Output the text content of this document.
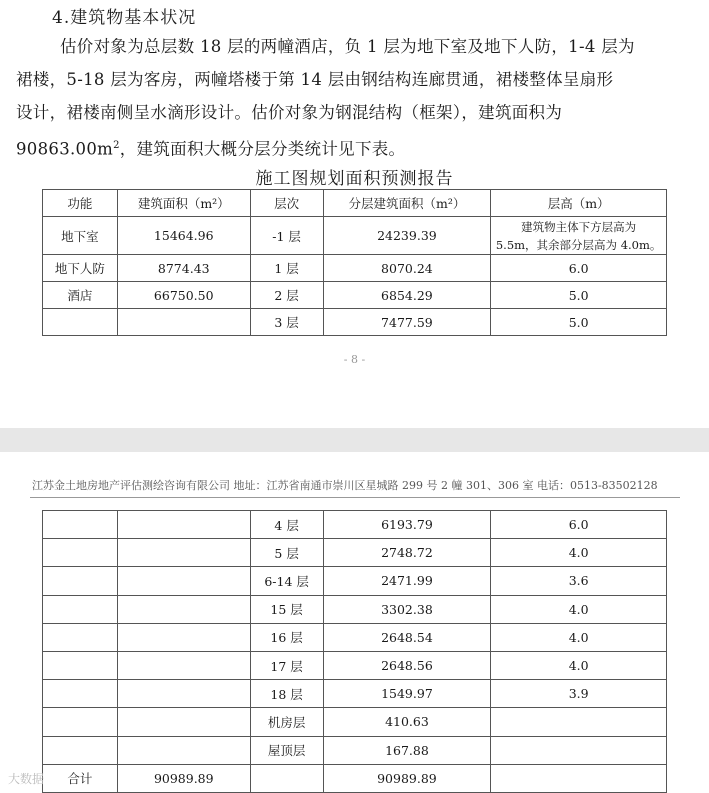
4.建筑物基本状况
估价对象为总层数 18 层的两幢酒店，负 1 层为地下室及地下人防，1-4 层为
裙楼，5-18 层为客房，两幢塔楼于第 14 层由钢结构连廊贯通，裙楼整体呈扇形
设计，裙楼南侧呈水滴形设计。估价对象为钢混结构（框架），建筑面积为
$90863.00m^2$，建筑面积大概分层分类统计见下表。
施工图规划面积预测报告
功能	建筑面积（m²）	层次	分层建筑面积（m²）	层高（m）
地下室	15464.96	-1 层	24239.39	建筑物主体下方层高为
5.5m，其余部分层高为 4.0m。
地下人防	8774.43	1 层	8070.24	6.0
酒店	66750.50	2 层	6854.29	5.0
		3 层	7477.59	5.0
- 8 -
江苏金土地房地产评估测绘咨询有限公司 地址：江苏省南通市崇川区星城路 299 号 2 幢 301、306 室 电话：0513-83502128
		4 层	6193.79	6.0
		5 层	2748.72	4.0
		6-14 层	2471.99	3.6
		15 层	3302.38	4.0
		16 层	2648.54	4.0
		17 层	2648.56	4.0
		18 层	1549.97	3.9
		机房层	410.63	
		屋顶层	167.88	
合计	90989.89		90989.89	
大数据
